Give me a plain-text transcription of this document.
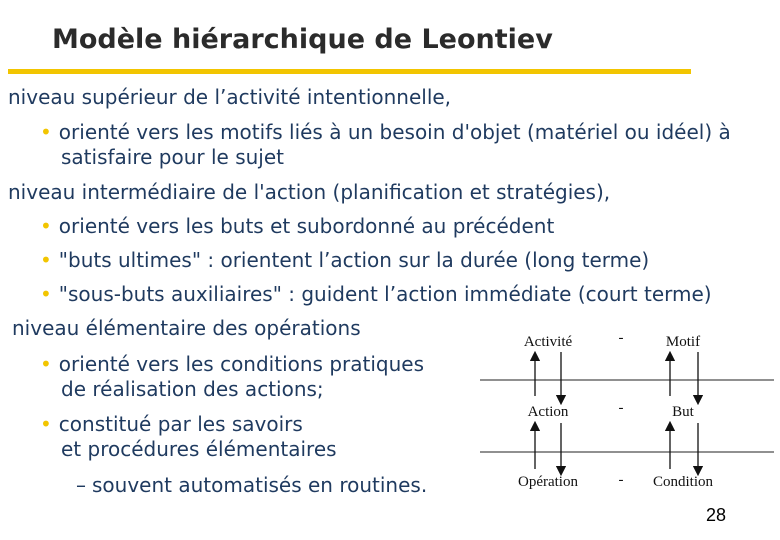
Modèle hiérarchique de Leontiev
niveau supérieur de l’activité intentionnelle,
• orienté vers les motifs liés à un besoin d'objet (matériel ou idéel) à
satisfaire pour le sujet
niveau intermédiaire de l'action (planification et stratégies),
• orienté vers les buts et subordonné au précédent
• "buts ultimes" : orientent l’action sur la durée (long terme)
• "sous-buts auxiliaires" : guident l’action immédiate (court terme)
niveau élémentaire des opérations
• orienté vers les conditions pratiques
de réalisation des actions;
• constitué par les savoirs
et procédures élémentaires
– souvent automatisés en routines.
Activité	-	Motif
Action	-	But
Opération	- Condition
28
